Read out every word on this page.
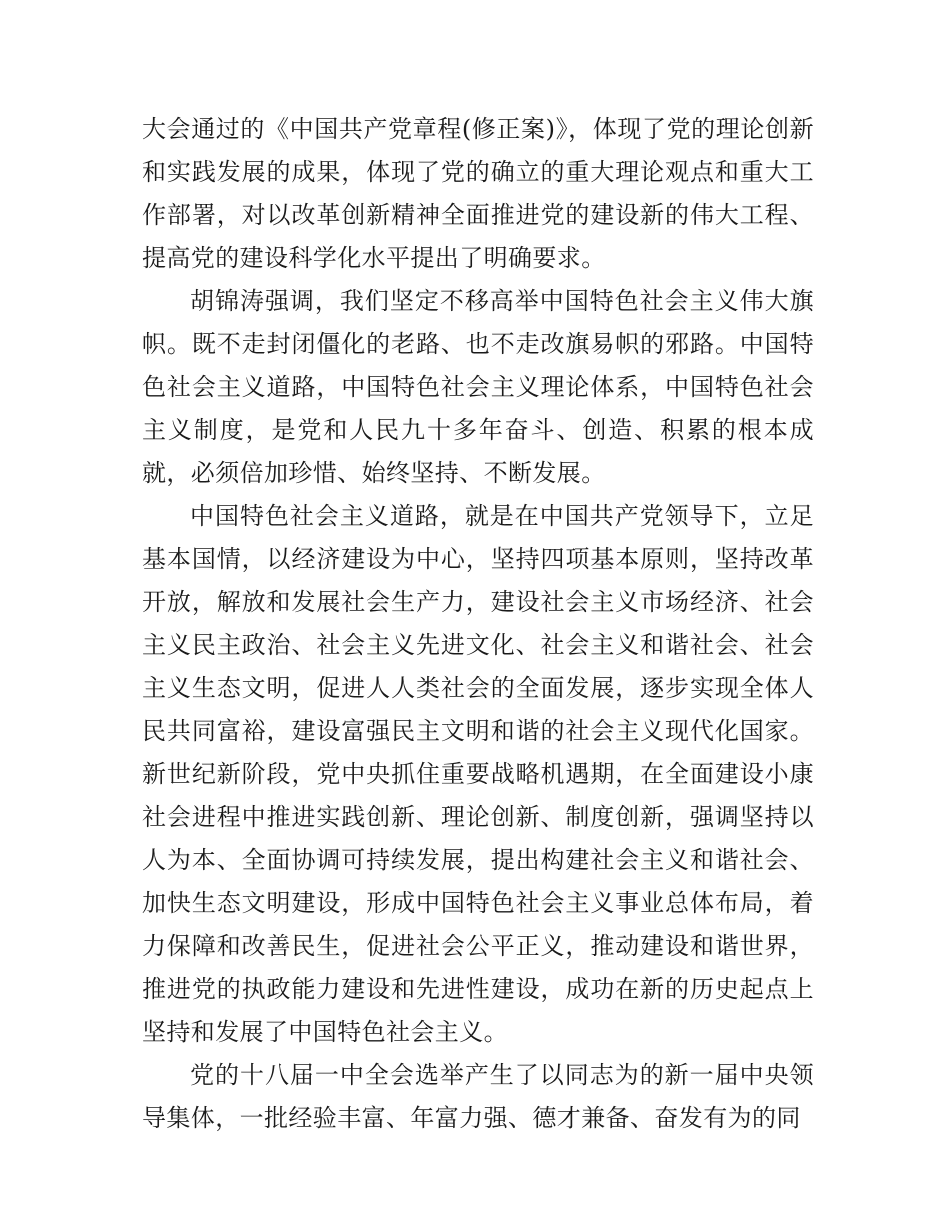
大会通过的《中国共产党章程(修正案)》，体现了党的理论创新和实践发展的成果，体现了党的确立的重大理论观点和重大工作部署，对以改革创新精神全面推进党的建设新的伟大工程、提高党的建设科学化水平提出了明确要求。

胡锦涛强调，我们坚定不移高举中国特色社会主义伟大旗帜。既不走封闭僵化的老路、也不走改旗易帜的邪路。中国特色社会主义道路，中国特色社会主义理论体系，中国特色社会主义制度，是党和人民九十多年奋斗、创造、积累的根本成就，必须倍加珍惜、始终坚持、不断发展。

中国特色社会主义道路，就是在中国共产党领导下，立足基本国情，以经济建设为中心，坚持四项基本原则，坚持改革开放，解放和发展社会生产力，建设社会主义市场经济、社会主义民主政治、社会主义先进文化、社会主义和谐社会、社会主义生态文明，促进人人类社会的全面发展，逐步实现全体人民共同富裕，建设富强民主文明和谐的社会主义现代化国家。新世纪新阶段，党中央抓住重要战略机遇期，在全面建设小康社会进程中推进实践创新、理论创新、制度创新，强调坚持以人为本、全面协调可持续发展，提出构建社会主义和谐社会、加快生态文明建设，形成中国特色社会主义事业总体布局，着力保障和改善民生，促进社会公平正义，推动建设和谐世界，推进党的执政能力建设和先进性建设，成功在新的历史起点上坚持和发展了中国特色社会主义。

党的十八届一中全会选举产生了以同志为的新一届中央领导集体，一批经验丰富、年富力强、德才兼备、奋发有为的同
